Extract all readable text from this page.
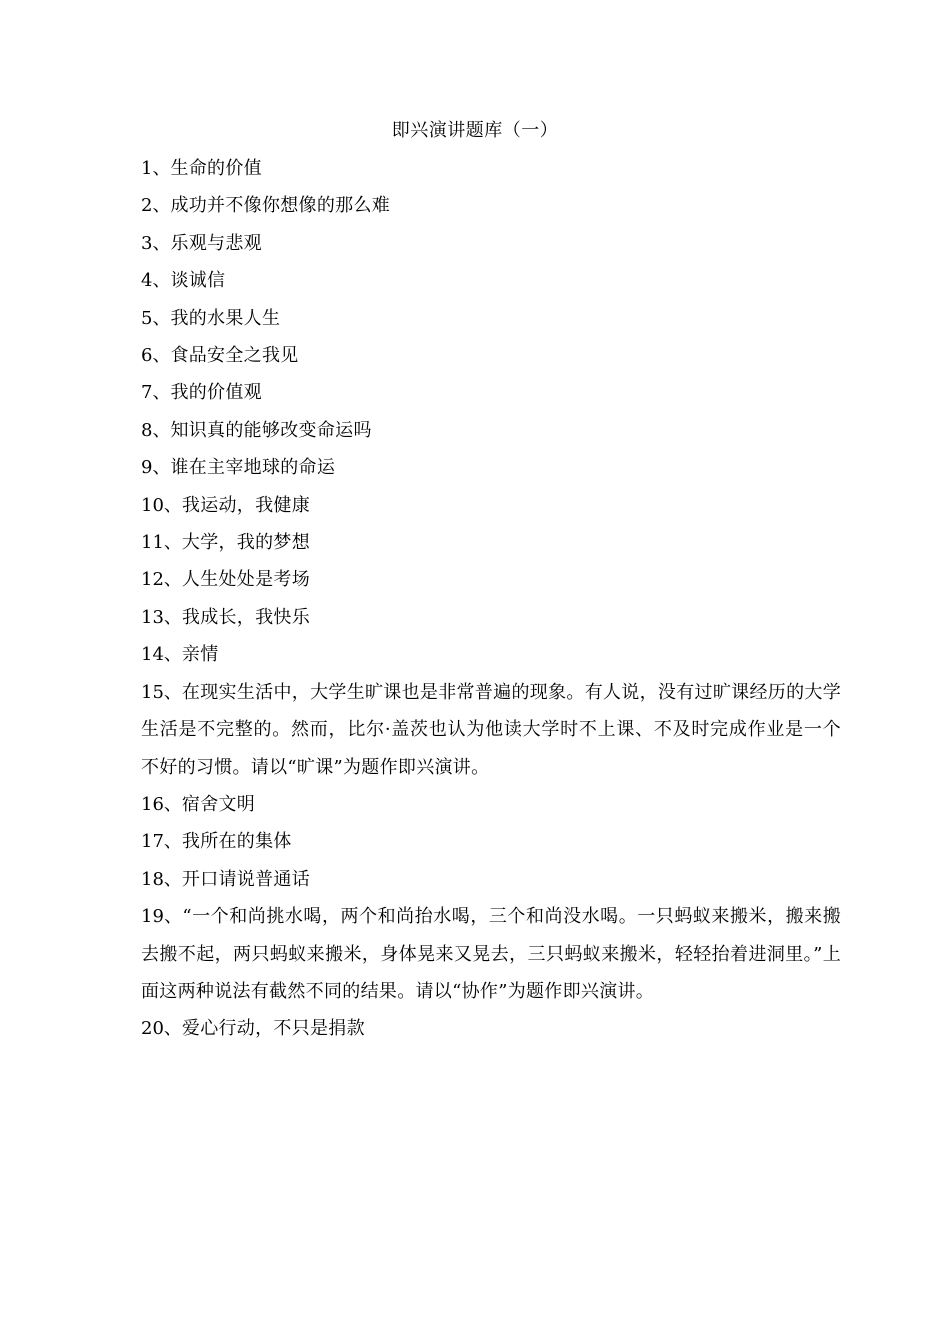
即兴演讲题库（一）
1、生命的价值
2、成功并不像你想像的那么难
3、乐观与悲观
4、谈诚信
5、我的水果人生
6、食品安全之我见
7、我的价值观
8、知识真的能够改变命运吗
9、谁在主宰地球的命运
10、我运动，我健康
11、大学，我的梦想
12、人生处处是考场
13、我成长，我快乐
14、亲情
15、在现实生活中，大学生旷课也是非常普遍的现象。有人说，没有过旷课经历的大学生活是不完整的。然而，比尔·盖茨也认为他读大学时不上课、不及时完成作业是一个不好的习惯。请以“旷课”为题作即兴演讲。
16、宿舍文明
17、我所在的集体
18、开口请说普通话
19、“一个和尚挑水喝，两个和尚抬水喝，三个和尚没水喝。一只蚂蚁来搬米，搬来搬去搬不起，两只蚂蚁来搬米，身体晃来又晃去，三只蚂蚁来搬米，轻轻抬着进洞里。”上面这两种说法有截然不同的结果。请以“协作”为题作即兴演讲。
20、爱心行动，不只是捐款
